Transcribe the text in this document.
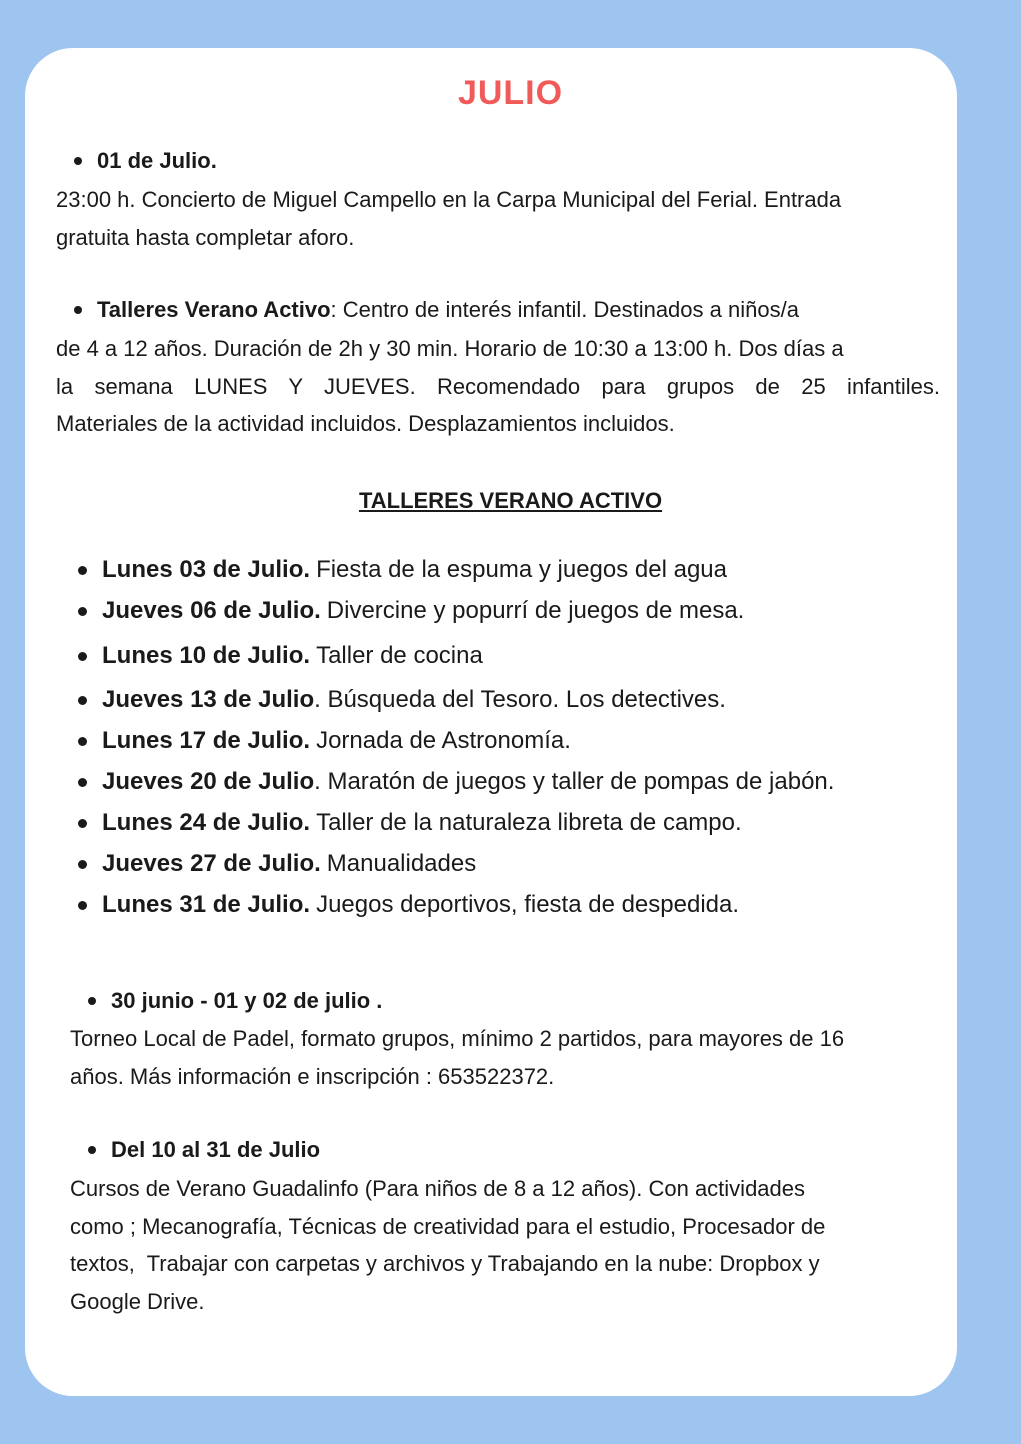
JULIO
01 de Julio.

23:00 h. Concierto de Miguel Campello en la Carpa Municipal del Ferial. Entrada
gratuita hasta completar aforo.

Talleres Verano Activo : Centro de interés infantil. Destinados a niños/a

de 4 a 12 años. Duración de 2h y 30 min. Horario de 10:30 a 13:00 h. Dos días a
la semana LUNES Y JUEVES. Recomendado para grupos de 25 infantiles.
Materiales de la actividad incluidos. Desplazamientos incluidos.

TALLERES VERANO ACTIVO
Lunes 03 de Julio. Fiesta de la espuma y juegos del agua
Jueves 06 de Julio. Divercine y popurrí de juegos de mesa.
Lunes 10 de Julio. Taller de cocina
Jueves 13 de Julio . Búsqueda del Tesoro. Los detectives.
Lunes 17 de Julio. Jornada de Astronomía.
Jueves 20 de Julio . Maratón de juegos y taller de pompas de jabón.
Lunes 24 de Julio. Taller de la naturaleza libreta de campo.
Jueves 27 de Julio. Manualidades
Lunes 31 de Julio. Juegos deportivos, fiesta de despedida.
30 junio - 01 y 02 de julio .

Torneo Local de Padel, formato grupos, mínimo 2 partidos, para mayores de 16
años. Más información e inscripción : 653522372.

Del 10 al 31 de Julio

Cursos de Verano Guadalinfo (Para niños de 8 a 12 años). Con actividades
como ; Mecanografía, Técnicas de creatividad para el estudio, Procesador de
textos,  Trabajar con carpetas y archivos y Trabajando en la nube: Dropbox y
Google Drive.
